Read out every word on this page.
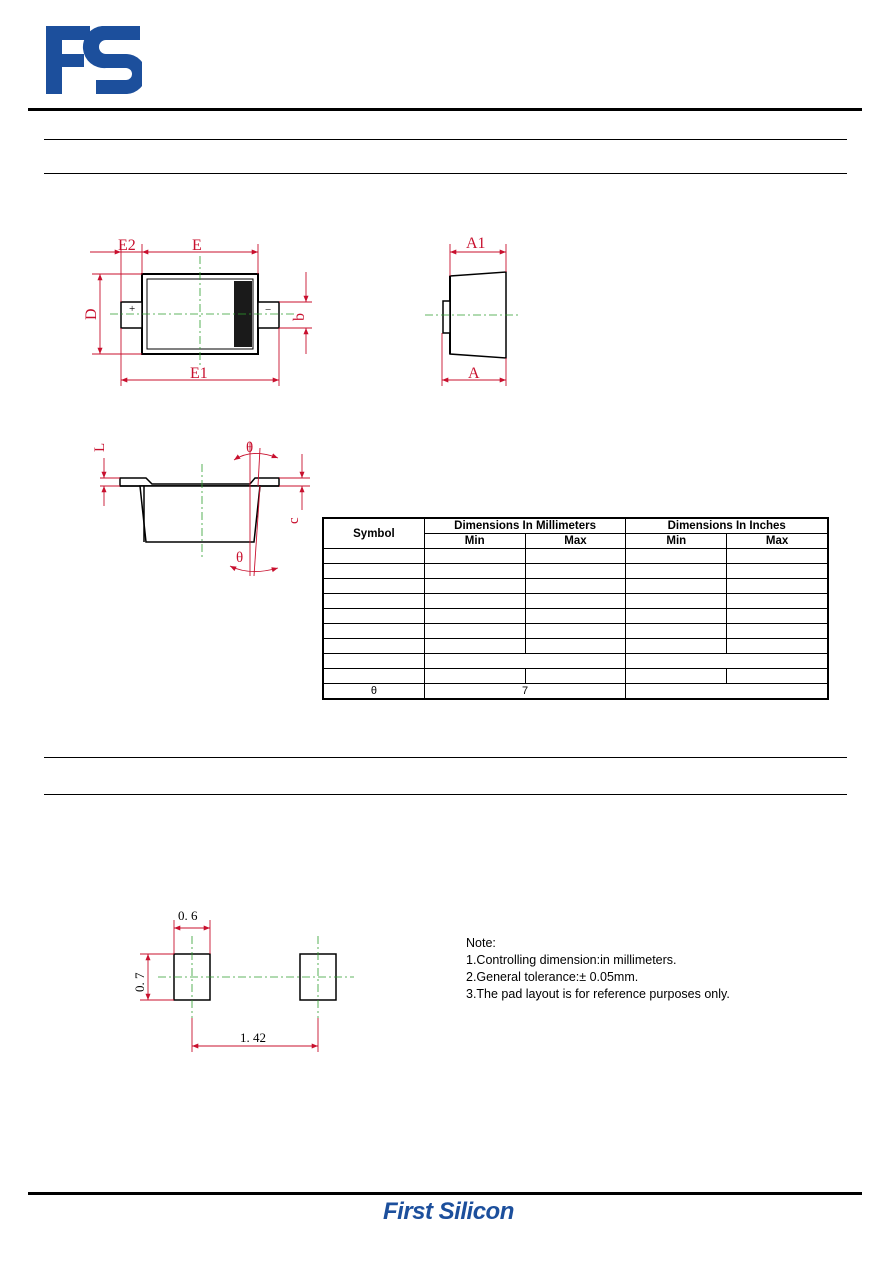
+	−
E2	E
D	b
E1
A1
A
L	θ
c
θ
Symbol	Dimensions In Millimeters		Dimensions In Inches	
	Min	Max	Min	Max

θ	7			
0. 6
0. 7
1. 42
Note:
1.Controlling dimension:in millimeters.
2.General tolerance:± 0.05mm.
3.The pad layout is for reference purposes only.
First Silicon
